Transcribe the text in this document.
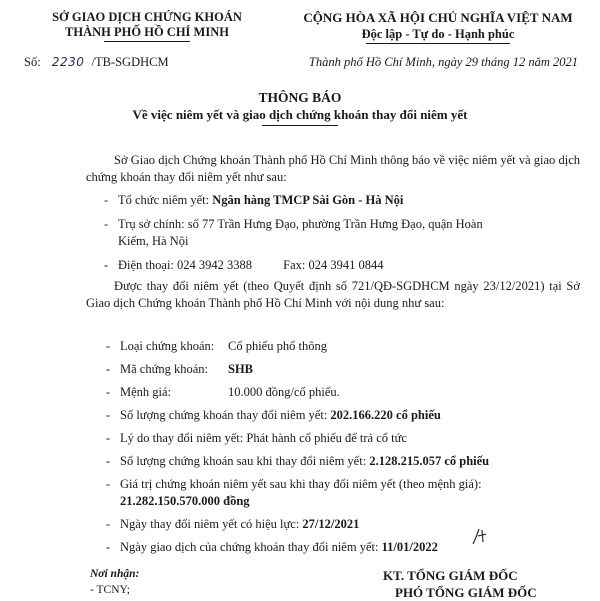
SỞ GIAO DỊCH CHỨNG KHOÁN
THÀNH PHỐ HỒ CHÍ MINH
CỘNG HÒA XÃ HỘI CHỦ NGHĨA VIỆT NAM
Độc lập - Tự do - Hạnh phúc
Số: 2230 /TB-SGDHCM	Thành phố Hồ Chí Minh, ngày 29 tháng 12 năm 2021
THÔNG BÁO
Về việc niêm yết và giao dịch chứng khoán thay đổi niêm yết
Sở Giao dịch Chứng khoán Thành phố Hồ Chí Minh thông báo về việc niêm yết và giao dịch chứng khoán thay đổi niêm yết như sau:
- Tổ chức niêm yết: Ngân hàng TMCP Sài Gòn - Hà Nội
- Trụ sở chính: số 77 Trần Hưng Đạo, phường Trần Hưng Đạo, quận Hoàn
Kiếm, Hà Nội
- Điện thoại: 024 3942 3388 Fax: 024 3941 0844
Được thay đổi niêm yết (theo Quyết định số 721/QĐ-SGDHCM ngày 23/12/2021) tại Sở Giao dịch Chứng khoán Thành phố Hồ Chí Minh với nội dung như sau:
- Loại chứng khoán: Cổ phiếu phổ thông
- Mã chứng khoán: SHB
- Mệnh giá:	10.000 đồng/cổ phiếu.
- Số lượng chứng khoán thay đổi niêm yết: 202.166.220 cổ phiếu
- Lý do thay đổi niêm yết: Phát hành cổ phiếu để trả cổ tức
- Số lượng chứng khoán sau khi thay đổi niêm yết: 2.128.215.057 cổ phiếu
- Giá trị chứng khoán niêm yết sau khi thay đổi niêm yết (theo mệnh giá):
21.282.150.570.000 đồng
- Ngày thay đổi niêm yết có hiệu lực: 27/12/2021
- Ngày giao dịch của chứng khoán thay đổi niêm yết: 11/01/2022
Nơi nhận:
- TCNY;
KT. TỔNG GIÁM ĐỐC
PHÓ TỔNG GIÁM ĐỐC
